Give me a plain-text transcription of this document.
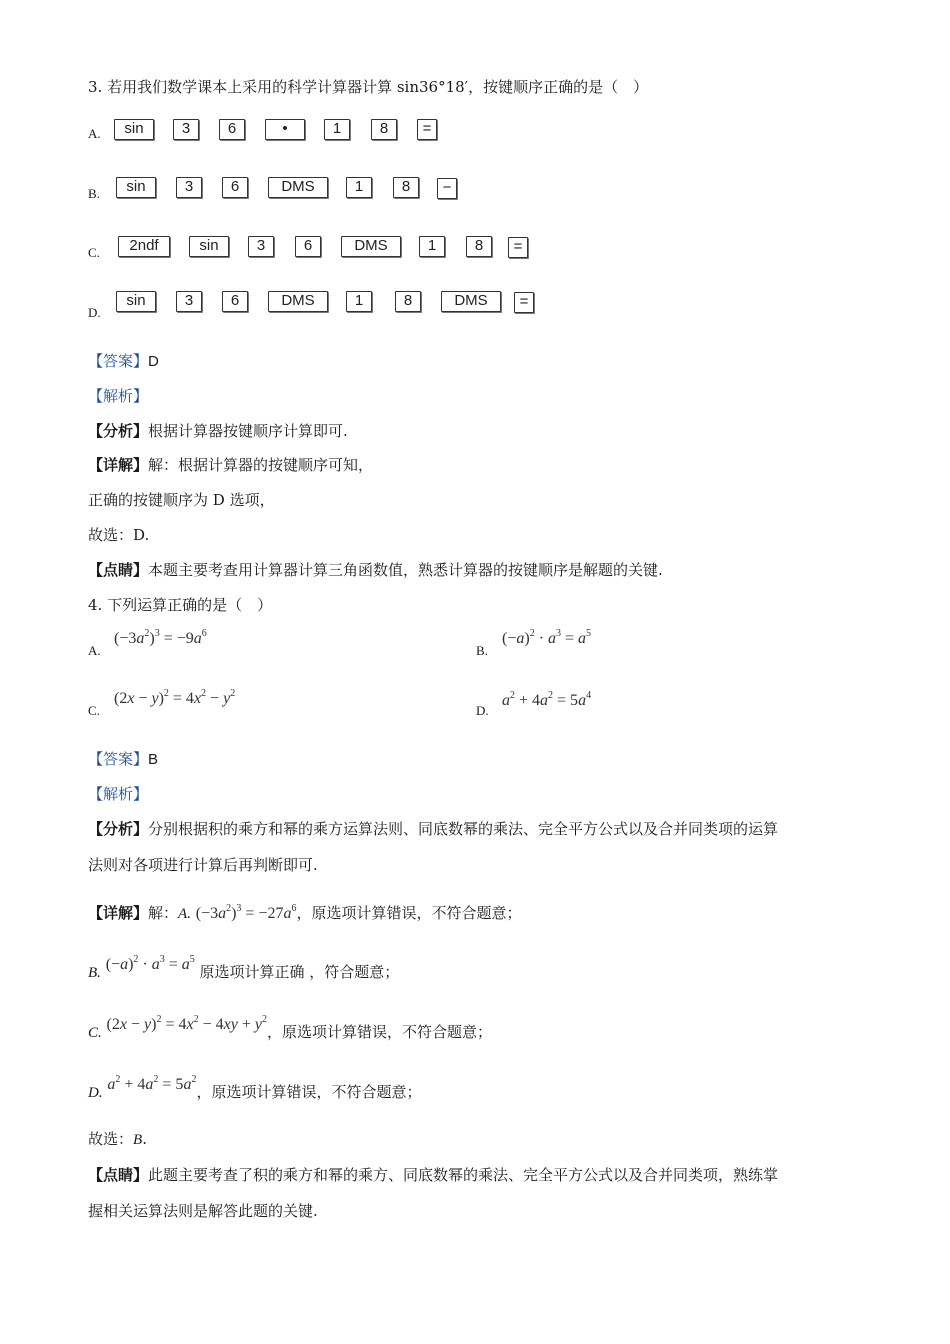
3. 若用我们数学课本上采用的科学计算器计算 sin36°18′，按键顺序正确的是（　）
A.	sin	3	6	•	1	8	=
B.	sin	3	6	DMS	1	8	−
C.	2ndf	sin	3	6	DMS	1	8	=
D.
sin	3	6	DMS	1	8	DMS	=
【答案】D
【解析】
【分析】根据计算器按键顺序计算即可.
【详解】解：根据计算器的按键顺序可知，
正确的按键顺序为 D 选项，
故选：D.
【点睛】本题主要考查用计算器计算三角函数值，熟悉计算器的按键顺序是解题的关键.
4. 下列运算正确的是（　）
A.
$(-3a^2)^3 = -9a^6$
B.
$(-a)^2 \cdot a^3 = a^5$
C.
$(2x - y)^2 = 4x^2 - y^2$
D.
$a^2 + 4a^2 = 5a^4$
【答案】B
【解析】
【分析】分别根据积的乘方和幂的乘方运算法则、同底数幂的乘法、完全平方公式以及合并同类项的运算
法则对各项进行计算后再判断即可.
【详解】解：A. $(-3a^2)^3 = -27a^6$，原选项计算错误，不符合题意；
B. $(-a)^2 \cdot a^3 = a^5$ 原选项计算正确 ，符合题意；
C. $(2x - y)^2 = 4x^2 - 4xy + y^2$，原选项计算错误，不符合题意；
D. $a^2 + 4a^2 = 5a^2$，原选项计算错误，不符合题意；
故选：B.
【点睛】此题主要考查了积的乘方和幂的乘方、同底数幂的乘法、完全平方公式以及合并同类项，熟练掌
握相关运算法则是解答此题的关键.
